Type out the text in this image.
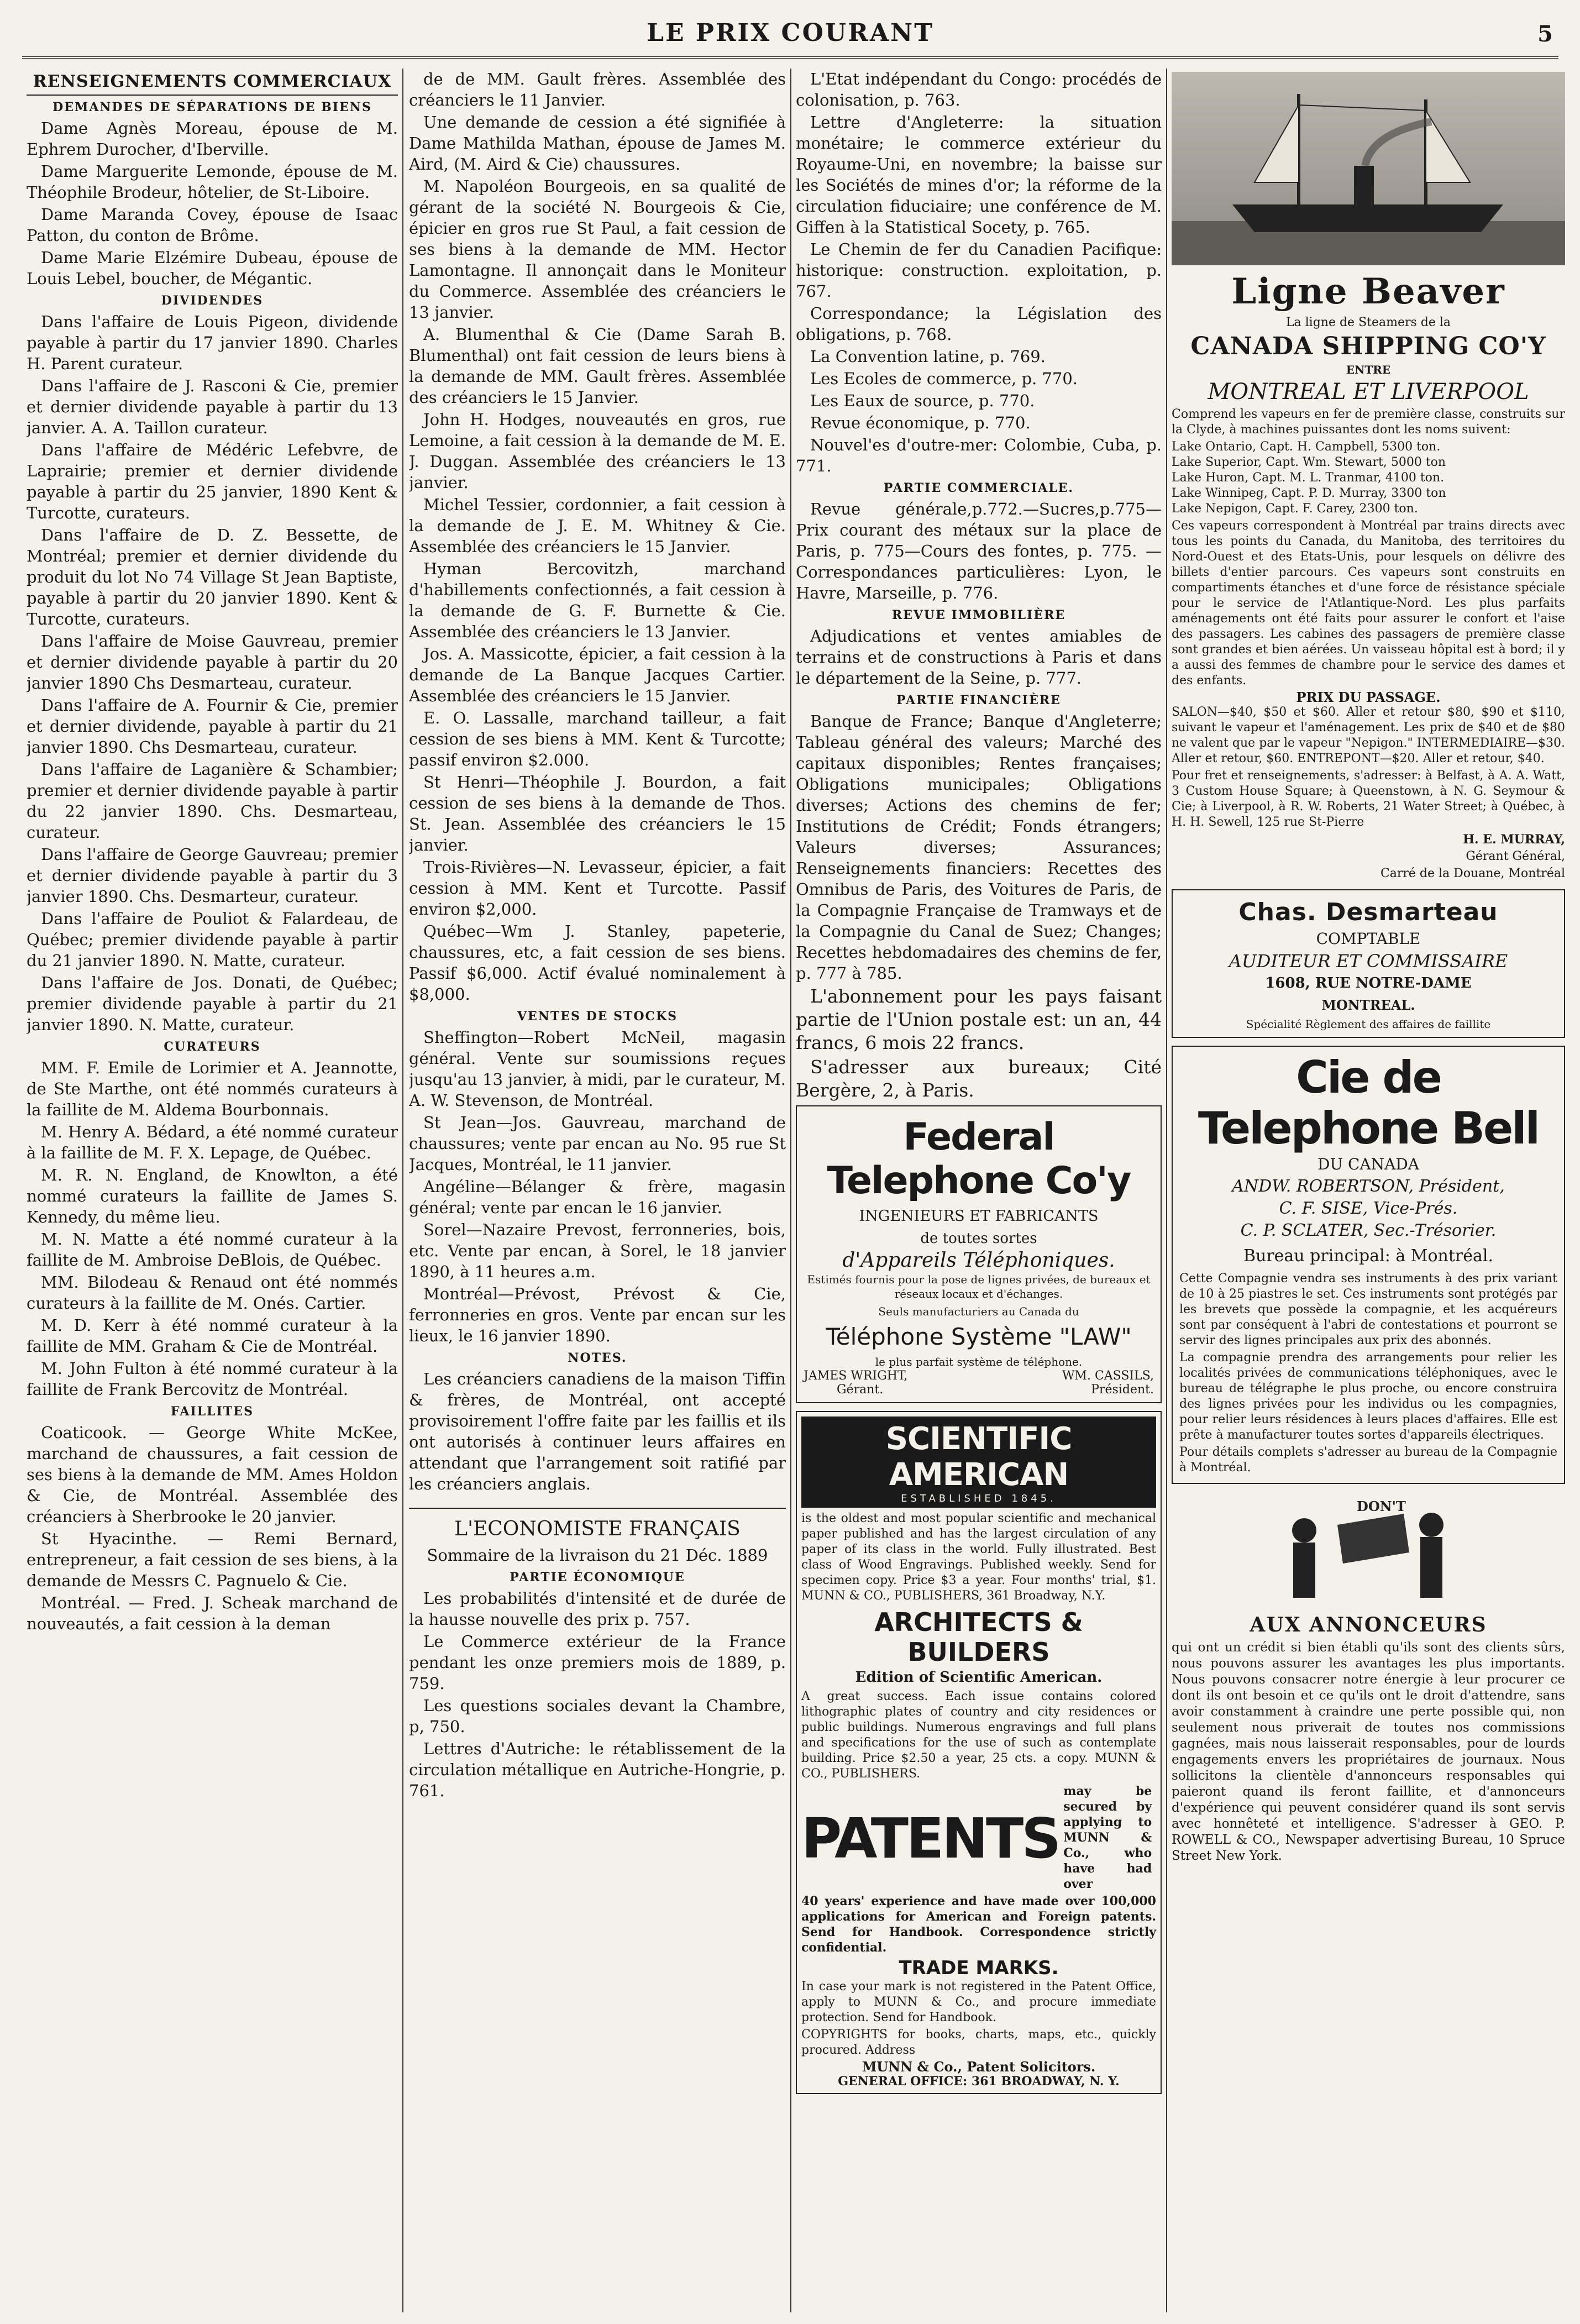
LE PRIX COURANT	5
RENSEIGNEMENTS COMMERCIAUX
DEMANDES DE SÉPARATIONS DE BIENS

Dame Agnès Moreau, épouse de M. Ephrem Durocher, d'Iberville.

Dame Marguerite Lemonde, épouse de M. Théophile Brodeur, hôtelier, de St-Liboire.

Dame Maranda Covey, épouse de Isaac Patton, du conton de Brôme.

Dame Marie Elzémire Dubeau, épouse de Louis Lebel, boucher, de Mégantic.

DIVIDENDES

Dans l'affaire de Louis Pigeon, dividende payable à partir du 17 janvier 1890. Charles H. Parent curateur.

Dans l'affaire de J. Rasconi & Cie, premier et dernier dividende payable à partir du 13 janvier. A. A. Taillon curateur.

Dans l'affaire de Médéric Lefebvre, de Laprairie; premier et dernier dividende payable à partir du 25 janvier, 1890 Kent & Turcotte, curateurs.

Dans l'affaire de D. Z. Bessette, de Montréal; premier et dernier dividende du produit du lot No 74 Village St Jean Baptiste, payable à partir du 20 janvier 1890. Kent & Turcotte, curateurs.

Dans l'affaire de Moise Gauvreau, premier et dernier dividende payable à partir du 20 janvier 1890 Chs Desmarteau, curateur.

Dans l'affaire de A. Fournir & Cie, premier et dernier dividende, payable à partir du 21 janvier 1890. Chs Desmarteau, curateur.

Dans l'affaire de Laganière & Schambier; premier et dernier dividende payable à partir du 22 janvier 1890. Chs. Desmarteau, curateur.

Dans l'affaire de George Gauvreau; premier et dernier dividende payable à partir du 3 janvier 1890. Chs. Desmarteur, curateur.

Dans l'affaire de Pouliot & Falardeau, de Québec; premier dividende payable à partir du 21 janvier 1890. N. Matte, curateur.

Dans l'affaire de Jos. Donati, de Québec; premier dividende payable à partir du 21 janvier 1890. N. Matte, curateur.

CURATEURS

MM. F. Emile de Lorimier et A. Jeannotte, de Ste Marthe, ont été nommés curateurs à la faillite de M. Aldema Bourbonnais.

M. Henry A. Bédard, a été nommé curateur à la faillite de M. F. X. Lepage, de Québec.

M. R. N. England, de Knowlton, a été nommé curateurs la faillite de James S. Kennedy, du même lieu.

M. N. Matte a été nommé curateur à la faillite de M. Ambroise DeBlois, de Québec.

MM. Bilodeau & Renaud ont été nommés curateurs à la faillite de M. Onés. Cartier.

M. D. Kerr à été nommé curateur à la faillite de MM. Graham & Cie de Montréal.

M. John Fulton à été nommé curateur à la faillite de Frank Bercovitz de Montréal.

FAILLITES

Coaticook. — George White McKee, marchand de chaussures, a fait cession de ses biens à la demande de MM. Ames Holdon & Cie, de Montréal. Assemblée des créanciers à Sherbrooke le 20 janvier.

St Hyacinthe. — Remi Bernard, entrepreneur, a fait cession de ses biens, à la demande de Messrs C. Pagnuelo & Cie.

Montréal. — Fred. J. Scheak marchand de nouveautés, a fait cession à la deman

de de MM. Gault frères. Assemblée des créanciers le 11 Janvier.

Une demande de cession a été signifiée à Dame Mathilda Mathan, épouse de James M. Aird, (M. Aird & Cie) chaussures.

M. Napoléon Bourgeois, en sa qualité de gérant de la société N. Bourgeois & Cie, épicier en gros rue St Paul, a fait cession de ses biens à la demande de MM. Hector Lamontagne. Il annonçait dans le Moniteur du Commerce. Assemblée des créanciers le 13 janvier.

A. Blumenthal & Cie (Dame Sarah B. Blumenthal) ont fait cession de leurs biens à la demande de MM. Gault frères. Assemblée des créanciers le 15 Janvier.

John H. Hodges, nouveautés en gros, rue Lemoine, a fait cession à la demande de M. E. J. Duggan. Assemblée des créanciers le 13 janvier.

Michel Tessier, cordonnier, a fait cession à la demande de J. E. M. Whitney & Cie. Assemblée des créanciers le 15 Janvier.

Hyman Bercovitzh, marchand d'habillements confectionnés, a fait cession à la demande de G. F. Burnette & Cie. Assemblée des créanciers le 13 Janvier.

Jos. A. Massicotte, épicier, a fait cession à la demande de La Banque Jacques Cartier. Assemblée des créanciers le 15 Janvier.

E. O. Lassalle, marchand tailleur, a fait cession de ses biens à MM. Kent & Turcotte; passif environ $2.000.

St Henri—Théophile J. Bourdon, a fait cession de ses biens à la demande de Thos. St. Jean. Assemblée des créanciers le 15 janvier.

Trois-Rivières—N. Levasseur, épicier, a fait cession à MM. Kent et Turcotte. Passif environ $2,000.

Québec—Wm J. Stanley, papeterie, chaussures, etc, a fait cession de ses biens. Passif $6,000. Actif évalué nominalement à $8,000.

VENTES DE STOCKS

Sheffington—Robert McNeil, magasin général. Vente sur soumissions reçues jusqu'au 13 janvier, à midi, par le curateur, M. A. W. Stevenson, de Montréal.

St Jean—Jos. Gauvreau, marchand de chaussures; vente par encan au No. 95 rue St Jacques, Montréal, le 11 janvier.

Angéline—Bélanger & frère, magasin général; vente par encan le 16 janvier.

Sorel—Nazaire Prevost, ferronneries, bois, etc. Vente par encan, à Sorel, le 18 janvier 1890, à 11 heures a.m.

Montréal—Prévost, Prévost & Cie, ferronneries en gros. Vente par encan sur les lieux, le 16 janvier 1890.

NOTES.

Les créanciers canadiens de la maison Tiffin & frères, de Montréal, ont accepté provisoirement l'offre faite par les faillis et ils ont autorisés à continuer leurs affaires en attendant que l'arrangement soit ratifié par les créanciers anglais.

L'ECONOMISTE FRANÇAIS

Sommaire de la livraison du 21 Déc. 1889

PARTIE ÉCONOMIQUE

Les probabilités d'intensité et de durée de la hausse nouvelle des prix p. 757.

Le Commerce extérieur de la France pendant les onze premiers mois de 1889, p. 759.

Les questions sociales devant la Chambre, p, 750.

Lettres d'Autriche: le rétablissement de la circulation métallique en Autriche-Hongrie, p. 761.

L'Etat indépendant du Congo: procédés de colonisation, p. 763.

Lettre d'Angleterre: la situation monétaire; le commerce extérieur du Royaume-Uni, en novembre; la baisse sur les Sociétés de mines d'or; la réforme de la circulation fiduciaire; une conférence de M. Giffen à la Statistical Socety, p. 765.

Le Chemin de fer du Canadien Pacifique: historique: construction. exploitation, p. 767.

Correspondance; la Législation des obligations, p. 768.

La Convention latine, p. 769.

Les Ecoles de commerce, p. 770.

Les Eaux de source, p. 770.

Revue économique, p. 770.

Nouvel'es d'outre-mer: Colombie, Cuba, p. 771.

PARTIE COMMERCIALE.

Revue générale,p.772.—Sucres,p.775—Prix courant des métaux sur la place de Paris, p. 775—Cours des fontes, p. 775. —Correspondances particulières: Lyon, le Havre, Marseille, p. 776.

REVUE IMMOBILIÈRE

Adjudications et ventes amiables de terrains et de constructions à Paris et dans le département de la Seine, p. 777.

PARTIE FINANCIÈRE

Banque de France; Banque d'Angleterre; Tableau général des valeurs; Marché des capitaux disponibles; Rentes françaises; Obligations municipales; Obligations diverses; Actions des chemins de fer; Institutions de Crédit; Fonds étrangers; Valeurs diverses; Assurances; Renseignements financiers: Recettes des Omnibus de Paris, des Voitures de Paris, de la Compagnie Française de Tramways et de la Compagnie du Canal de Suez; Changes; Recettes hebdomadaires des chemins de fer, p. 777 à 785.

L'abonnement pour les pays faisant partie de l'Union postale est: un an, 44 francs, 6 mois 22 francs.

S'adresser aux bureaux; Cité Bergère, 2, à Paris.

Federal Telephone Co'y

INGENIEURS ET FABRICANTS

de toutes sortes

d'Appareils Téléphoniques.

Estimés fournis pour la pose de lignes privées, de bureaux et réseaux locaux et d'échanges.

Seuls manufacturiers au Canada du

Téléphone Système "LAW"

le plus parfait système de téléphone.

JAMES WRIGHT,	WM. CASSILS,
Gérant.	Président.
SCIENTIFIC AMERICAN
ESTABLISHED 1845.

is the oldest and most popular scientific and mechanical paper published and has the largest circulation of any paper of its class in the world. Fully illustrated. Best class of Wood Engravings. Published weekly. Send for specimen copy. Price $3 a year. Four months' trial, $1. MUNN & CO., PUBLISHERS, 361 Broadway, N.Y.

ARCHITECTS & BUILDERS

Edition of Scientific American.

A great success. Each issue contains colored lithographic plates of country and city residences or public buildings. Numerous engravings and full plans and specifications for the use of such as contemplate building. Price $2.50 a year, 25 cts. a copy. MUNN & CO., PUBLISHERS.

PATENTS

may be secured by applying to MUNN & Co., who have had over

40 years' experience and have made over 100,000 applications for American and Foreign patents. Send for Handbook. Correspondence strictly confidential.

TRADE MARKS.

In case your mark is not registered in the Patent Office, apply to MUNN & Co., and procure immediate protection. Send for Handbook.

COPYRIGHTS for books, charts, maps, etc., quickly procured. Address

MUNN & Co., Patent Solicitors.

GENERAL OFFICE: 361 BROADWAY, N. Y.

Ligne Beaver

La ligne de Steamers de la

CANADA SHIPPING CO'Y

ENTRE

MONTREAL ET LIVERPOOL

Comprend les vapeurs en fer de première classe, construits sur la Clyde, à machines puissantes dont les noms suivent:

Lake Ontario, Capt. H. Campbell, 5300 ton.

Lake Superior, Capt. Wm. Stewart, 5000 ton

Lake Huron, Capt. M. L. Tranmar, 4100 ton.

Lake Winnipeg, Capt. P. D. Murray, 3300 ton

Lake Nepigon, Capt. F. Carey, 2300 ton.

Ces vapeurs correspondent à Montréal par trains directs avec tous les points du Canada, du Manitoba, des territoires du Nord-Ouest et des Etats-Unis, pour lesquels on délivre des billets d'entier parcours. Ces vapeurs sont construits en compartiments étanches et d'une force de résistance spéciale pour le service de l'Atlantique-Nord. Les plus parfaits aménagements ont été faits pour assurer le confort et l'aise des passagers. Les cabines des passagers de première classe sont grandes et bien aérées. Un vaisseau hôpital est à bord; il y a aussi des femmes de chambre pour le service des dames et des enfants.

PRIX DU PASSAGE.

SALON—$40, $50 et $60. Aller et retour $80, $90 et $110, suivant le vapeur et l'aménagement. Les prix de $40 et de $80 ne valent que par le vapeur "Nepigon." INTERMEDIAIRE—$30. Aller et retour, $60. ENTREPONT—$20. Aller et retour, $40.

Pour fret et renseignements, s'adresser: à Belfast, à A. A. Watt, 3 Custom House Square; à Queenstown, à N. G. Seymour & Cie; à Liverpool, à R. W. Roberts, 21 Water Street; à Québec, à H. H. Sewell, 125 rue St-Pierre

H. E. MURRAY,

Gérant Général,

Carré de la Douane, Montréal

Chas. Desmarteau

COMPTABLE

AUDITEUR ET COMMISSAIRE

1608, RUE NOTRE-DAME

MONTREAL.

Spécialité Règlement des affaires de faillite

Cie de Telephone Bell

DU CANADA

ANDW. ROBERTSON, Président,

C. F. SISE, Vice-Prés.

C. P. SCLATER, Sec.-Trésorier.

Bureau principal: à Montréal.

Cette Compagnie vendra ses instruments à des prix variant de 10 à 25 piastres le set. Ces instruments sont protégés par les brevets que possède la compagnie, et les acquéreurs sont par conséquent à l'abri de contestations et pourront se servir des lignes principales aux prix des abonnés.

La compagnie prendra des arrangements pour relier les localités privées de communications téléphoniques, avec le bureau de télégraphe le plus proche, ou encore construira des lignes privées pour les individus ou les compagnies, pour relier leurs résidences à leurs places d'affaires. Elle est prête à manufacturer toutes sortes d'appareils électriques.

Pour détails complets s'adresser au bureau de la Compagnie à Montréal.

DON'T
AUX ANNONCEURS

qui ont un crédit si bien établi qu'ils sont des clients sûrs, nous pouvons assurer les avantages les plus importants. Nous pouvons consacrer notre énergie à leur procurer ce dont ils ont besoin et ce qu'ils ont le droit d'attendre, sans avoir constamment à craindre une perte possible qui, non seulement nous priverait de toutes nos commissions gagnées, mais nous laisserait responsables, pour de lourds engagements envers les propriétaires de journaux. Nous sollicitons la clientèle d'annonceurs responsables qui paieront quand ils feront faillite, et d'annonceurs d'expérience qui peuvent considérer quand ils sont servis avec honnêteté et intelligence. S'adresser à GEO. P. ROWELL & CO., Newspaper advertising Bureau, 10 Spruce Street New York.
